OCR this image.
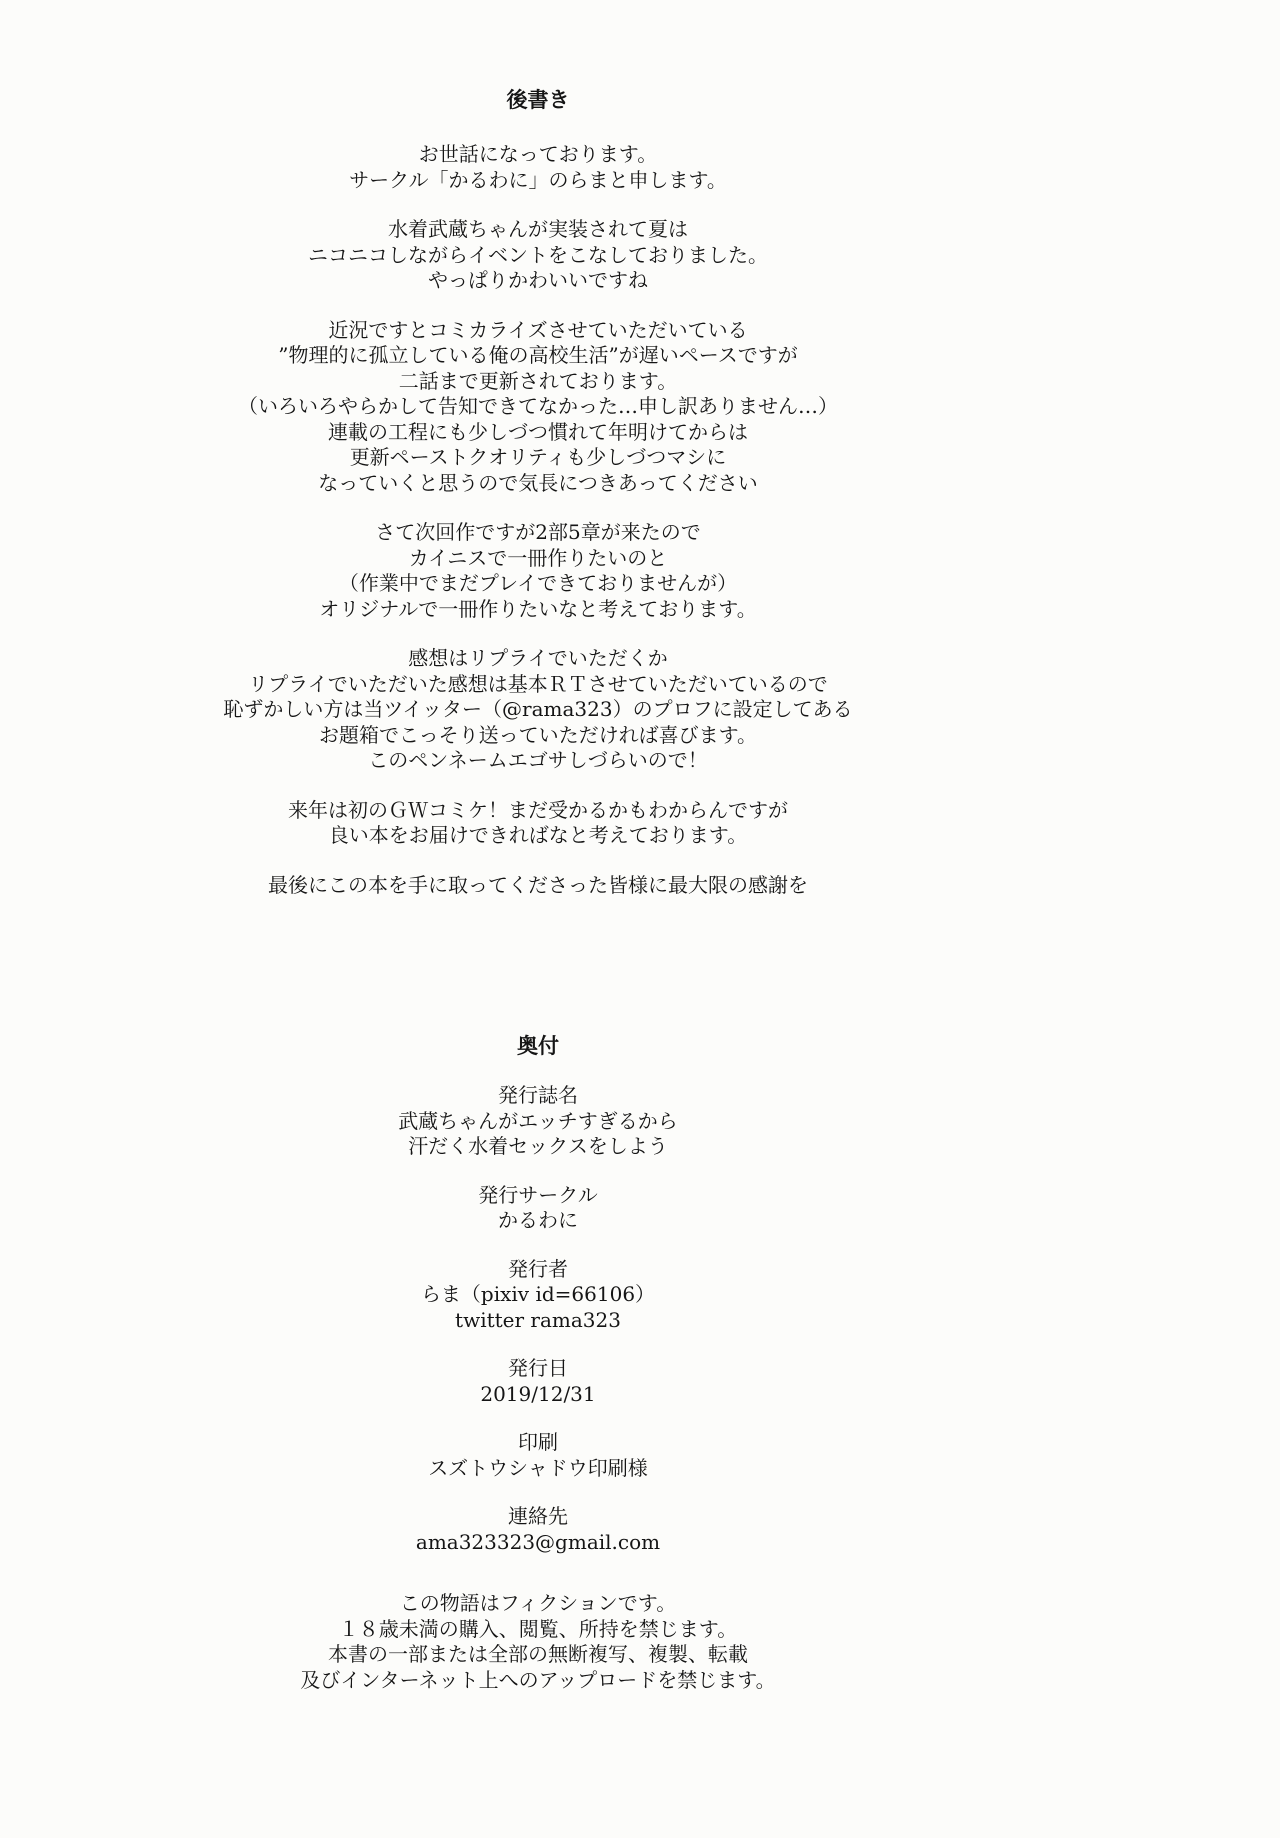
後書き
お世話になっております。
サークル「かるわに」のらまと申します。
水着武蔵ちゃんが実装されて夏は
ニコニコしながらイベントをこなしておりました。
やっぱりかわいいですね
近況ですとコミカライズさせていただいている
”物理的に孤立している俺の高校生活”が遅いペースですが
二話まで更新されております。
（いろいろやらかして告知できてなかった…申し訳ありません…）
連載の工程にも少しづつ慣れて年明けてからは
更新ペーストクオリティも少しづつマシに
なっていくと思うので気長につきあってください
さて次回作ですが2部5章が来たので
カイニスで一冊作りたいのと
（作業中でまだプレイできておりませんが）
オリジナルで一冊作りたいなと考えております。
感想はリプライでいただくか
リプライでいただいた感想は基本ＲＴさせていただいているので
恥ずかしい方は当ツイッター（@rama323）のプロフに設定してある
お題箱でこっそり送っていただければ喜びます。
このペンネームエゴサしづらいので！
来年は初のＧＷコミケ！まだ受かるかもわからんですが
良い本をお届けできればなと考えております。
最後にこの本を手に取ってくださった皆様に最大限の感謝を
奥付
発行誌名
武蔵ちゃんがエッチすぎるから
汗だく水着セックスをしよう
発行サークル
かるわに
発行者
らま（pixiv id=66106）
twitter rama323
発行日
2019/12/31
印刷
スズトウシャドウ印刷様
連絡先
ama323323@gmail.com
この物語はフィクションです。
１８歳未満の購入、閲覧、所持を禁じます。
本書の一部または全部の無断複写、複製、転載
及びインターネット上へのアップロードを禁じます。
